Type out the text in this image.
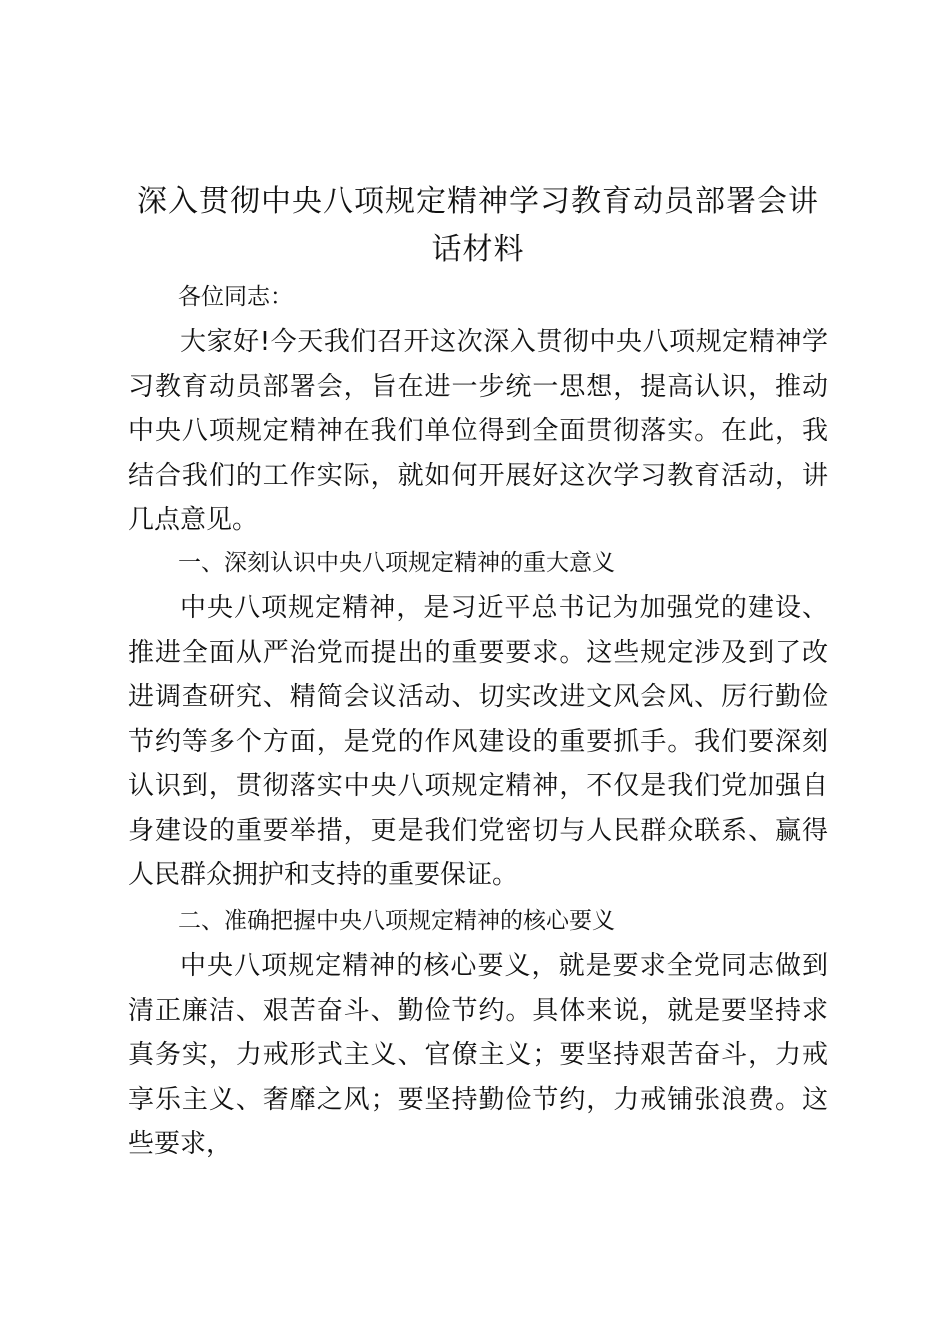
深入贯彻中央八项规定精神学习教育动员部署会讲话材料

各位同志：

大家好!今天我们召开这次深入贯彻中央八项规定精神学习教育动员部署会，旨在进一步统一思想，提高认识，推动中央八项规定精神在我们单位得到全面贯彻落实。在此，我结合我们的工作实际，就如何开展好这次学习教育活动，讲几点意见。

一、深刻认识中央八项规定精神的重大意义

中央八项规定精神，是习近平总书记为加强党的建设、推进全面从严治党而提出的重要要求。这些规定涉及到了改进调查研究、精简会议活动、切实改进文风会风、厉行勤俭节约等多个方面，是党的作风建设的重要抓手。我们要深刻认识到，贯彻落实中央八项规定精神，不仅是我们党加强自身建设的重要举措，更是我们党密切与人民群众联系、赢得人民群众拥护和支持的重要保证。

二、准确把握中央八项规定精神的核心要义

中央八项规定精神的核心要义，就是要求全党同志做到清正廉洁、艰苦奋斗、勤俭节约。具体来说，就是要坚持求真务实，力戒形式主义、官僚主义；要坚持艰苦奋斗，力戒享乐主义、奢靡之风；要坚持勤俭节约，力戒铺张浪费。这些要求，
